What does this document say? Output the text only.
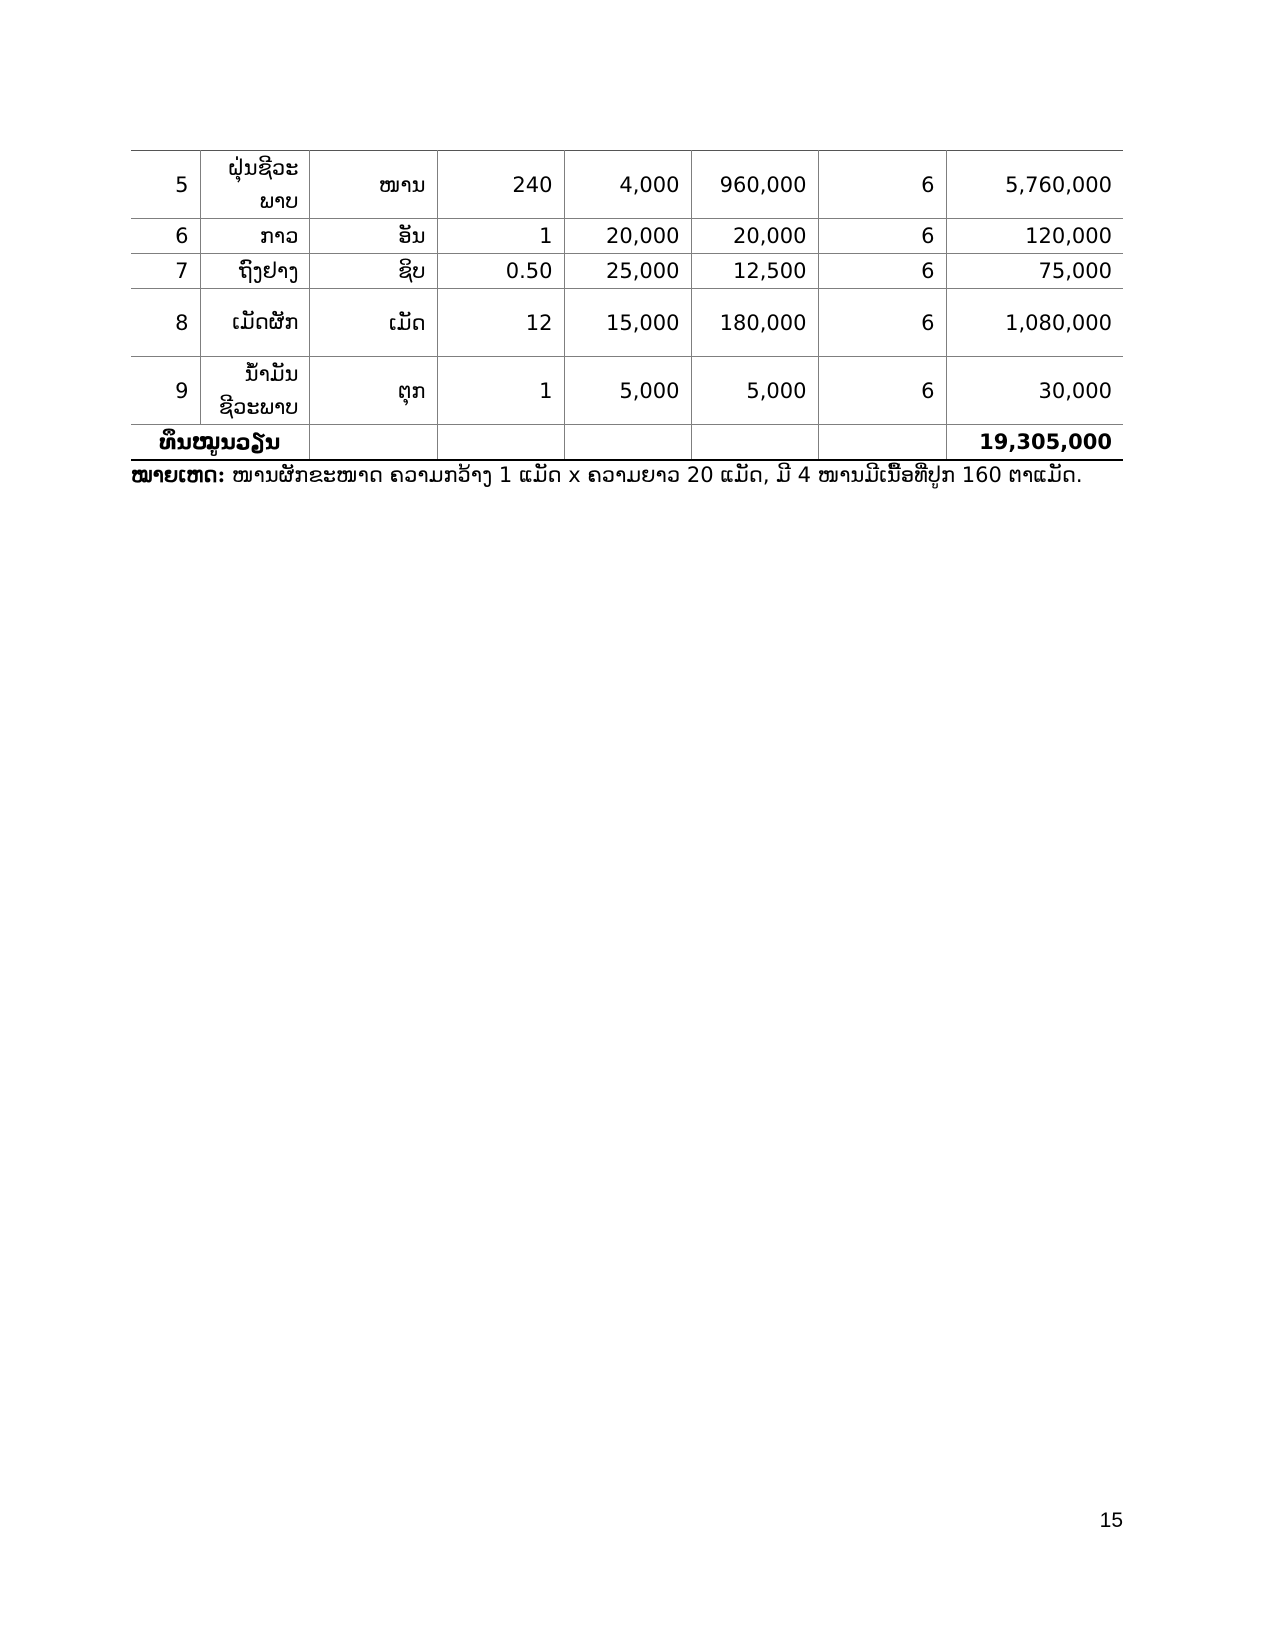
5	ຝຸ່ນຊີວະພາບ	ໜານ	240	4,000	960,000	6	5,760,000
6	ກາວ	ອັນ	1	20,000	20,000	6	120,000
7	ຖົງຢາງ	ຊິບ	0.50	25,000	12,500	6	75,000
8	ເມັດຜັກ	ເມັດ	12	15,000	180,000	6	1,080,000
9	ນ້ຳມັນຊີວະພາບ	ຕຸກ	1	5,000	5,000	6	30,000
ທຶນໝູນວຽນ							19,305,000
ໝາຍເຫດ: ໜານຜັກຂະໜາດ ຄວາມກວ້າງ 1 ແມັດ x ຄວາມຍາວ 20 ແມັດ, ມີ 4 ໜານມີເນື້ອທີ່ປູກ 160 ຕາແມັດ.
15
